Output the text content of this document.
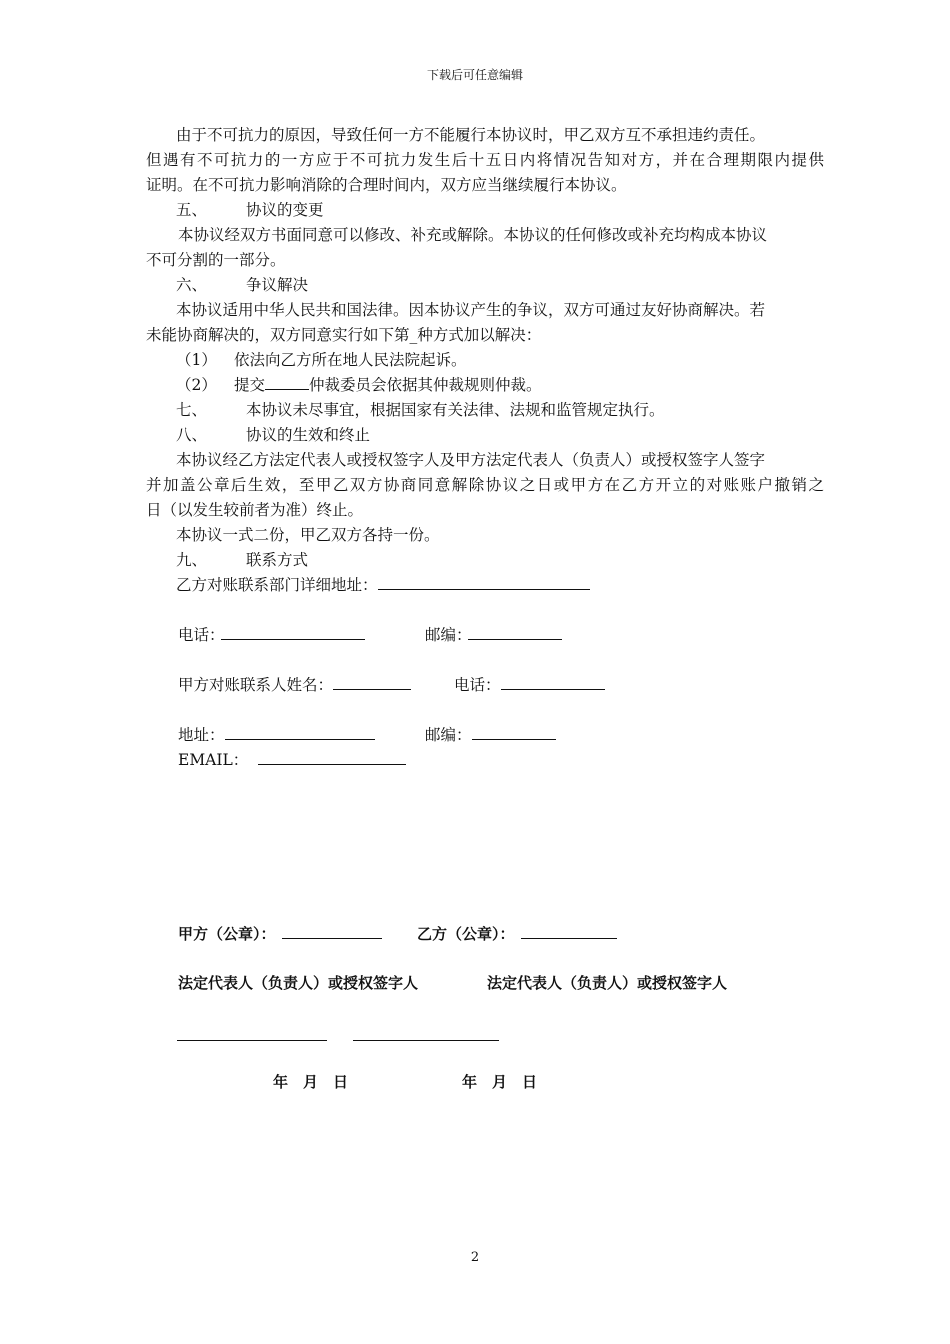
下载后可任意编辑
由于不可抗力的原因，导致任何一方不能履行本协议时，甲乙双方互不承担违约责任。
但遇有不可抗力的一方应于不可抗力发生后十五日内将情况告知对方，并在合理期限内提供
证明。在不可抗力影响消除的合理时间内，双方应当继续履行本协议。
五、	协议的变更
本协议经双方书面同意可以修改、补充或解除。本协议的任何修改或补充均构成本协议
不可分割的一部分。
六、	争议解决
本协议适用中华人民共和国法律。因本协议产生的争议，双方可通过友好协商解决。若
未能协商解决的，双方同意实行如下第_种方式加以解决：
（1） 依法向乙方所在地人民法院起诉。
（2） 提交	仲裁委员会依据其仲裁规则仲裁。
七、	本协议未尽事宜，根据国家有关法律、法规和监管规定执行。
八、	协议的生效和终止
本协议经乙方法定代表人或授权签字人及甲方法定代表人（负责人）或授权签字人签字
并加盖公章后生效，至甲乙双方协商同意解除协议之日或甲方在乙方开立的对账账户撤销之
日（以发生较前者为准）终止。
本协议一式二份，甲乙双方各持一份。
九、	联系方式
乙方对账联系部门详细地址：
电话：	邮编：
甲方对账联系人姓名：	电话：
地址：	邮编：
EMAIL：
甲方（公章）：	乙方（公章）：
法定代表人（负责人）或授权签字人	法定代表人（负责人）或授权签字人
年　月　日	年　月　日
2
